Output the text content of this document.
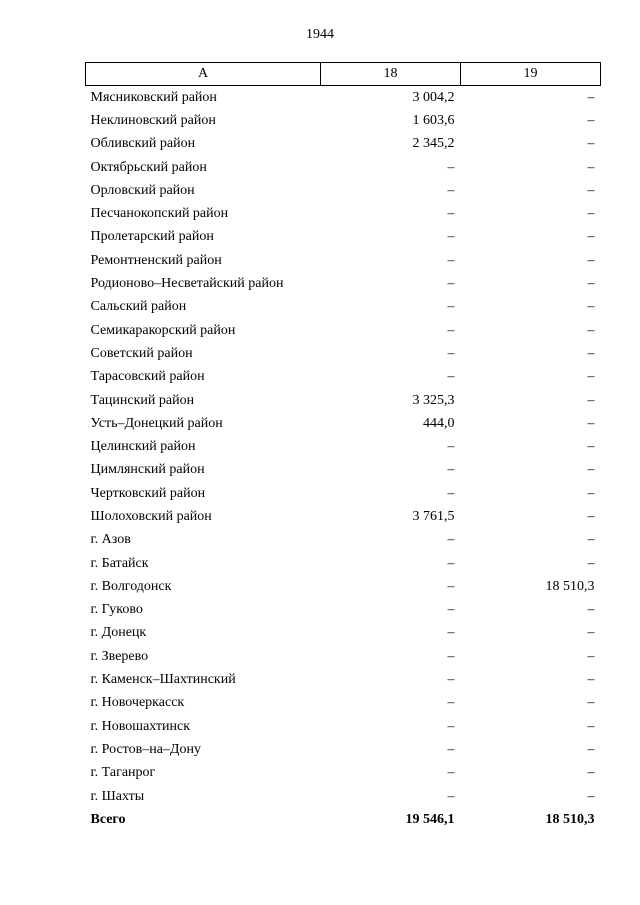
1944
А	18	19
Мясниковский район	3 004,2	–
Неклиновский район	1 603,6	–
Обливский район	2 345,2	–
Октябрьский район	–	–
Орловский район	–	–
Песчанокопский район	–	–
Пролетарский район	–	–
Ремонтненский район	–	–
Родионово–Несветайский район	–	–
Сальский район	–	–
Семикаракорский район	–	–
Советский район	–	–
Тарасовский район	–	–
Тацинский район	3 325,3	–
Усть–Донецкий район	444,0	–
Целинский район	–	–
Цимлянский район	–	–
Чертковский район	–	–
Шолоховский район	3 761,5	–
г. Азов	–	–
г. Батайск	–	–
г. Волгодонск	–	18 510,3
г. Гуково	–	–
г. Донецк	–	–
г. Зверево	–	–
г. Каменск–Шахтинский	–	–
г. Новочеркасск	–	–
г. Новошахтинск	–	–
г. Ростов–на–Дону	–	–
г. Таганрог	–	–
г. Шахты	–	–
Всего	19 546,1	18 510,3
